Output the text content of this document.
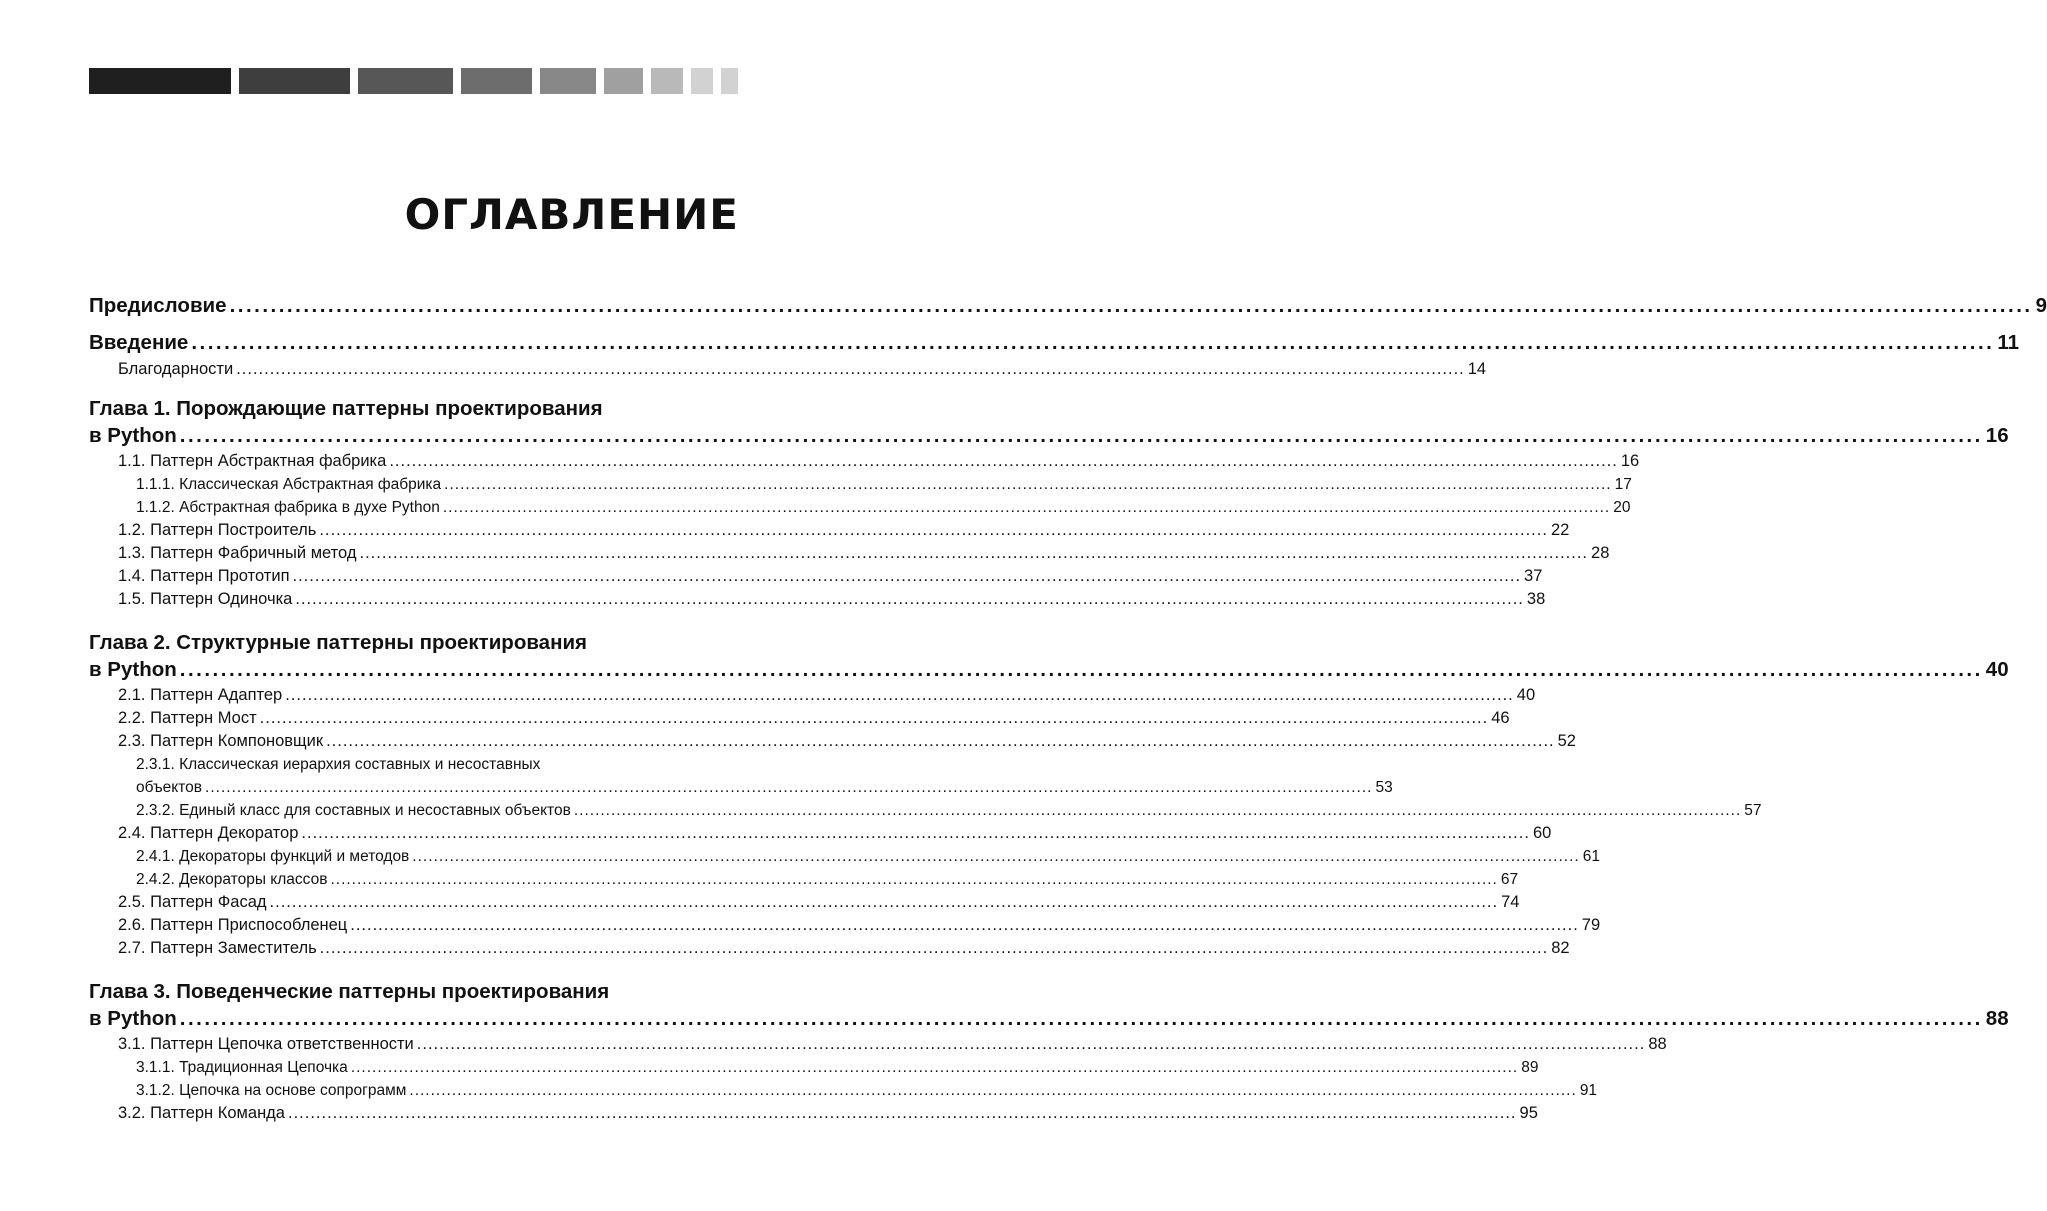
ОГЛАВЛЕНИЕ
Предисловие ............................................................................................................................................................................................................................ 9
Введение ............................................................................................................................................................................................................................ 11
Благодарности ............................................................................................................................................................................................................................ 14
Глава 1. Порождающие паттерны проектирования
в Python ............................................................................................................................................................................................................................ 16
1.1. Паттерн Абстрактная фабрика ............................................................................................................................................................................................................................ 16
1.1.1. Классическая Абстрактная фабрика ............................................................................................................................................................................................................................ 17
1.1.2. Абстрактная фабрика в духе Python ............................................................................................................................................................................................................................ 20
1.2. Паттерн Построитель ............................................................................................................................................................................................................................ 22
1.3. Паттерн Фабричный метод ............................................................................................................................................................................................................................ 28
1.4. Паттерн Прототип ............................................................................................................................................................................................................................ 37
1.5. Паттерн Одиночка ............................................................................................................................................................................................................................ 38
Глава 2. Структурные паттерны проектирования
в Python ............................................................................................................................................................................................................................ 40
2.1. Паттерн Адаптер ............................................................................................................................................................................................................................ 40
2.2. Паттерн Мост ............................................................................................................................................................................................................................ 46
2.3. Паттерн Компоновщик ............................................................................................................................................................................................................................ 52
2.3.1. Классическая иерархия составных и несоставных
объектов ............................................................................................................................................................................................................................ 53
2.3.2. Единый класс для составных и несоставных объектов ............................................................................................................................................................................................................................ 57
2.4. Паттерн Декоратор ............................................................................................................................................................................................................................ 60
2.4.1. Декораторы функций и методов ............................................................................................................................................................................................................................ 61
2.4.2. Декораторы классов ............................................................................................................................................................................................................................ 67
2.5. Паттерн Фасад ............................................................................................................................................................................................................................ 74
2.6. Паттерн Приспособленец ............................................................................................................................................................................................................................ 79
2.7. Паттерн Заместитель ............................................................................................................................................................................................................................ 82
Глава 3. Поведенческие паттерны проектирования
в Python ............................................................................................................................................................................................................................ 88
3.1. Паттерн Цепочка ответственности ............................................................................................................................................................................................................................ 88
3.1.1. Традиционная Цепочка ............................................................................................................................................................................................................................ 89
3.1.2. Цепочка на основе сопрограмм ............................................................................................................................................................................................................................ 91
3.2. Паттерн Команда ............................................................................................................................................................................................................................ 95
